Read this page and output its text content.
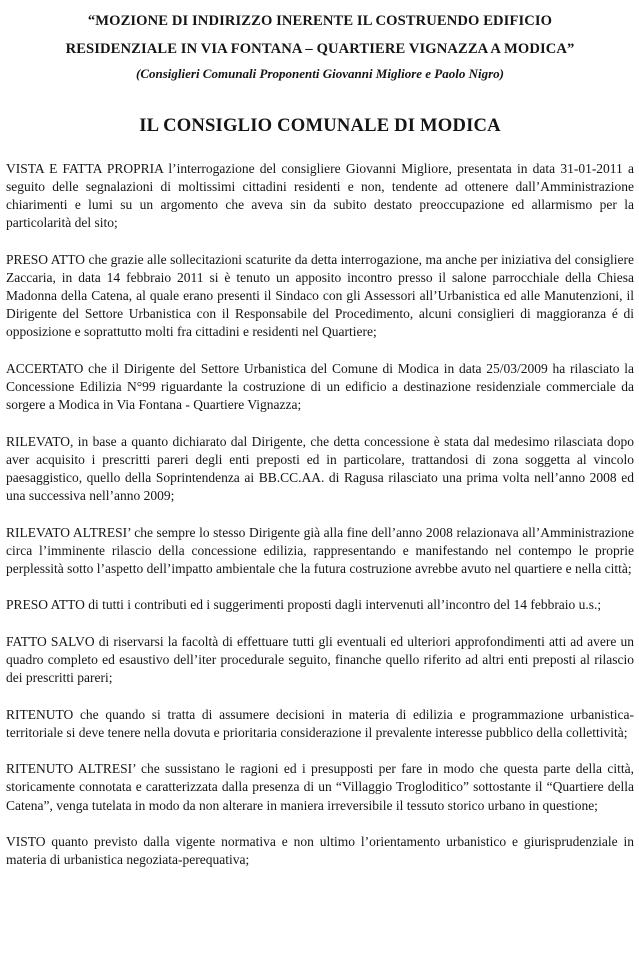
“MOZIONE DI INDIRIZZO INERENTE IL COSTRUENDO EDIFICIO

RESIDENZIALE IN VIA FONTANA – QUARTIERE VIGNAZZA A MODICA”

(Consiglieri Comunali Proponenti Giovanni Migliore e Paolo Nigro)

IL CONSIGLIO COMUNALE DI MODICA

VISTA E FATTA PROPRIA l’interrogazione del consigliere Giovanni Migliore, presentata in data 31-01-2011 a seguito delle segnalazioni di moltissimi cittadini residenti e non, tendente ad ottenere dall’Amministrazione chiarimenti e lumi su un argomento che aveva sin da subito destato preoccupazione ed allarmismo per la particolarità del sito;

PRESO ATTO che grazie alle sollecitazioni scaturite da detta interrogazione, ma anche per iniziativa del consigliere Zaccaria, in data 14 febbraio 2011 si è tenuto un apposito incontro presso il salone parrocchiale della Chiesa Madonna della Catena, al quale erano presenti il Sindaco con gli Assessori all’Urbanistica ed alle Manutenzioni, il Dirigente del Settore Urbanistica con il Responsabile del Procedimento, alcuni consiglieri di maggioranza é di opposizione e soprattutto molti fra cittadini e residenti nel Quartiere;

ACCERTATO che il Dirigente del Settore Urbanistica del Comune di Modica in data 25/03/2009 ha rilasciato la Concessione Edilizia N°99 riguardante la costruzione di un edificio a destinazione residenziale commerciale da sorgere a Modica in Via Fontana - Quartiere Vignazza;

RILEVATO, in base a quanto dichiarato dal Dirigente, che detta concessione è stata dal medesimo rilasciata dopo aver acquisito i prescritti pareri degli enti preposti ed in particolare, trattandosi di zona soggetta al vincolo paesaggistico, quello della Soprintendenza ai BB.CC.AA. di Ragusa rilasciato una prima volta nell’anno 2008 ed una successiva nell’anno 2009;

RILEVATO ALTRESI’ che sempre lo stesso Dirigente già alla fine dell’anno 2008 relazionava all’Amministrazione circa l’imminente rilascio della concessione edilizia, rappresentando e manifestando nel contempo le proprie perplessità sotto l’aspetto dell’impatto ambientale che la futura costruzione avrebbe avuto nel quartiere e nella città;

PRESO ATTO di tutti i contributi ed i suggerimenti proposti dagli intervenuti all’incontro del 14 febbraio u.s.;

FATTO SALVO di riservarsi la facoltà di effettuare tutti gli eventuali ed ulteriori approfondimenti atti ad avere un quadro completo ed esaustivo dell’iter procedurale seguito, finanche quello riferito ad altri enti preposti al rilascio dei prescritti pareri;

RITENUTO che quando si tratta di assumere decisioni in materia di edilizia e programmazione urbanistica-territoriale si deve tenere nella dovuta e prioritaria considerazione il prevalente interesse pubblico della collettività;

RITENUTO ALTRESI’ che sussistano le ragioni ed i presupposti per fare in modo che questa parte della città, storicamente connotata e caratterizzata dalla presenza di un “Villaggio Trogloditico” sottostante il “Quartiere della Catena”, venga tutelata in modo da non alterare in maniera irreversibile il tessuto storico urbano in questione;

VISTO quanto previsto dalla vigente normativa e non ultimo l’orientamento urbanistico e giurisprudenziale in materia di urbanistica negoziata-perequativa;
